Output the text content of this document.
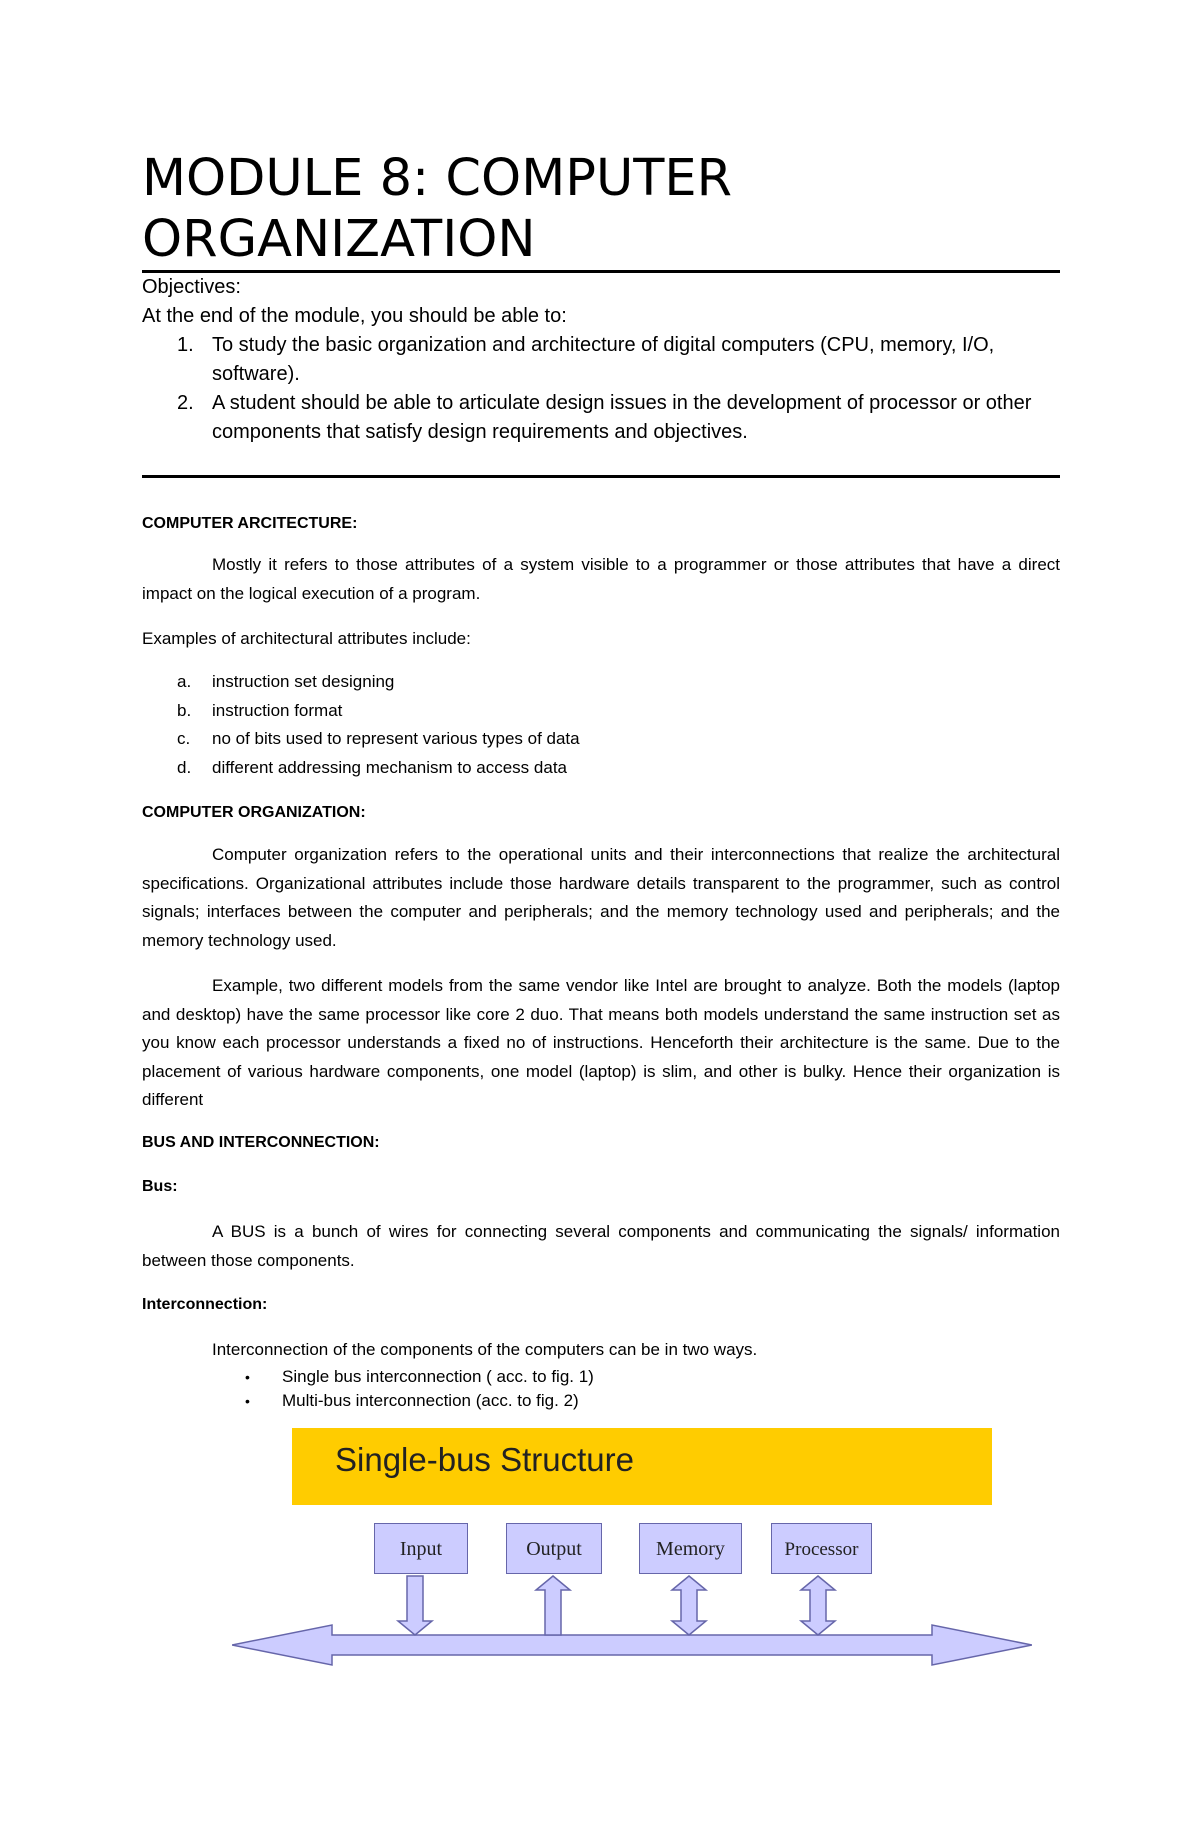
MODULE 8: COMPUTER ORGANIZATION
Objectives:
At the end of the module, you should be able to:
1. To study the basic organization and architecture of digital computers (CPU, memory, I/O, software).
2. A student should be able to articulate design issues in the development of processor or other components that satisfy design requirements and objectives.
COMPUTER ARCITECTURE:
Mostly it refers to those attributes of a system visible to a programmer or those attributes that have a direct impact on the logical execution of a program.
Examples of architectural attributes include:
a. instruction set designing
b. instruction format
c. no of bits used to represent various types of data
d. different addressing mechanism to access data
COMPUTER ORGANIZATION:
Computer organization refers to the operational units and their interconnections that realize the architectural specifications. Organizational attributes include those hardware details transparent to the programmer, such as control signals; interfaces between the computer and peripherals; and the memory technology used and peripherals; and the memory technology used.
Example, two different models from the same vendor like Intel are brought to analyze. Both the models (laptop and desktop) have the same processor like core 2 duo. That means both models understand the same instruction set as you know each processor understands a fixed no of instructions. Henceforth their architecture is the same. Due to the placement of various hardware components, one model (laptop) is slim, and other is bulky. Hence their organization is different
BUS AND INTERCONNECTION:
Bus:
A BUS is a bunch of wires for connecting several components and communicating the signals/ information between those components.
Interconnection:
Interconnection of the components of the computers can be in two ways.
• Single bus interconnection ( acc. to fig. 1)
• Multi-bus interconnection (acc. to fig. 2)
Single-bus Structure
Input	Output	Memory	Processor
